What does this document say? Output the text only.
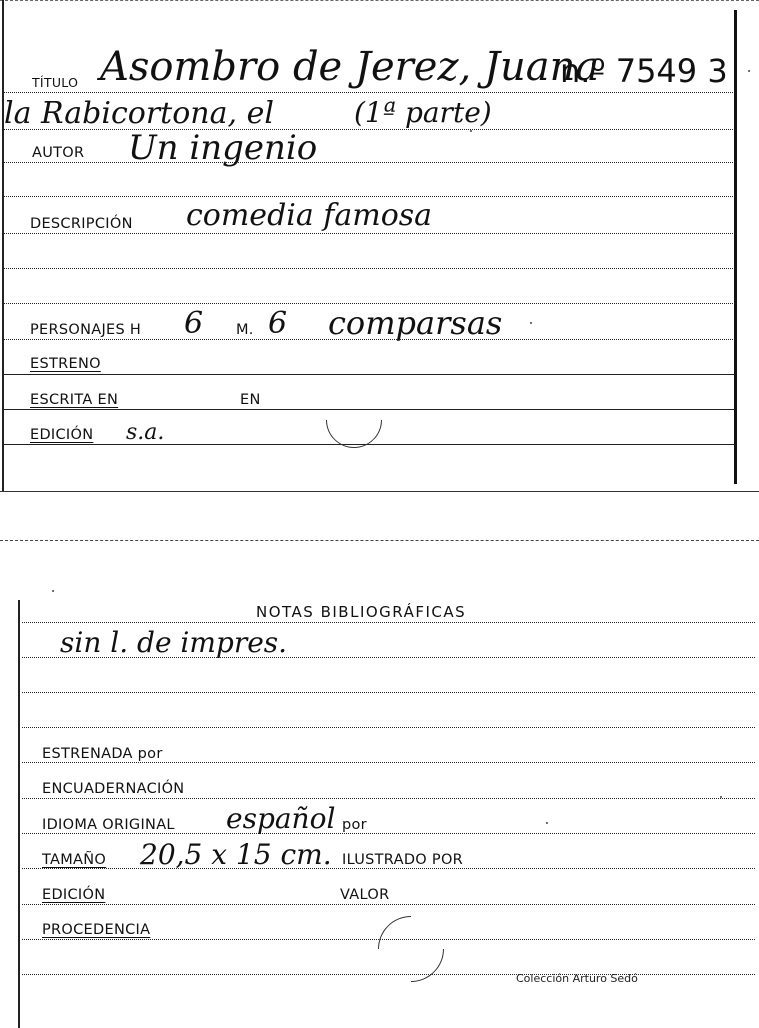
TÍTULO Asombro de Jerez, Juana
n.º 7549 3
la Rabicortona, el	(1ª parte)
AUTOR Un ingenio
DESCRIPCIÓN comedia famosa
PERSONAJES H 6 M. 6 comparsas
ESTRENO
ESCRITA EN	EN
EDICIÓN s.a.
NOTAS BIBLIOGRÁFICAS
sin l. de impres.
ESTRENADA por
ENCUADERNACIÓN
IDIOMA ORIGINAL español por
TAMAÑO 20,5 x 15 cm. ILUSTRADO POR
EDICIÓN	VALOR
PROCEDENCIA
Colección Arturo Sedó
